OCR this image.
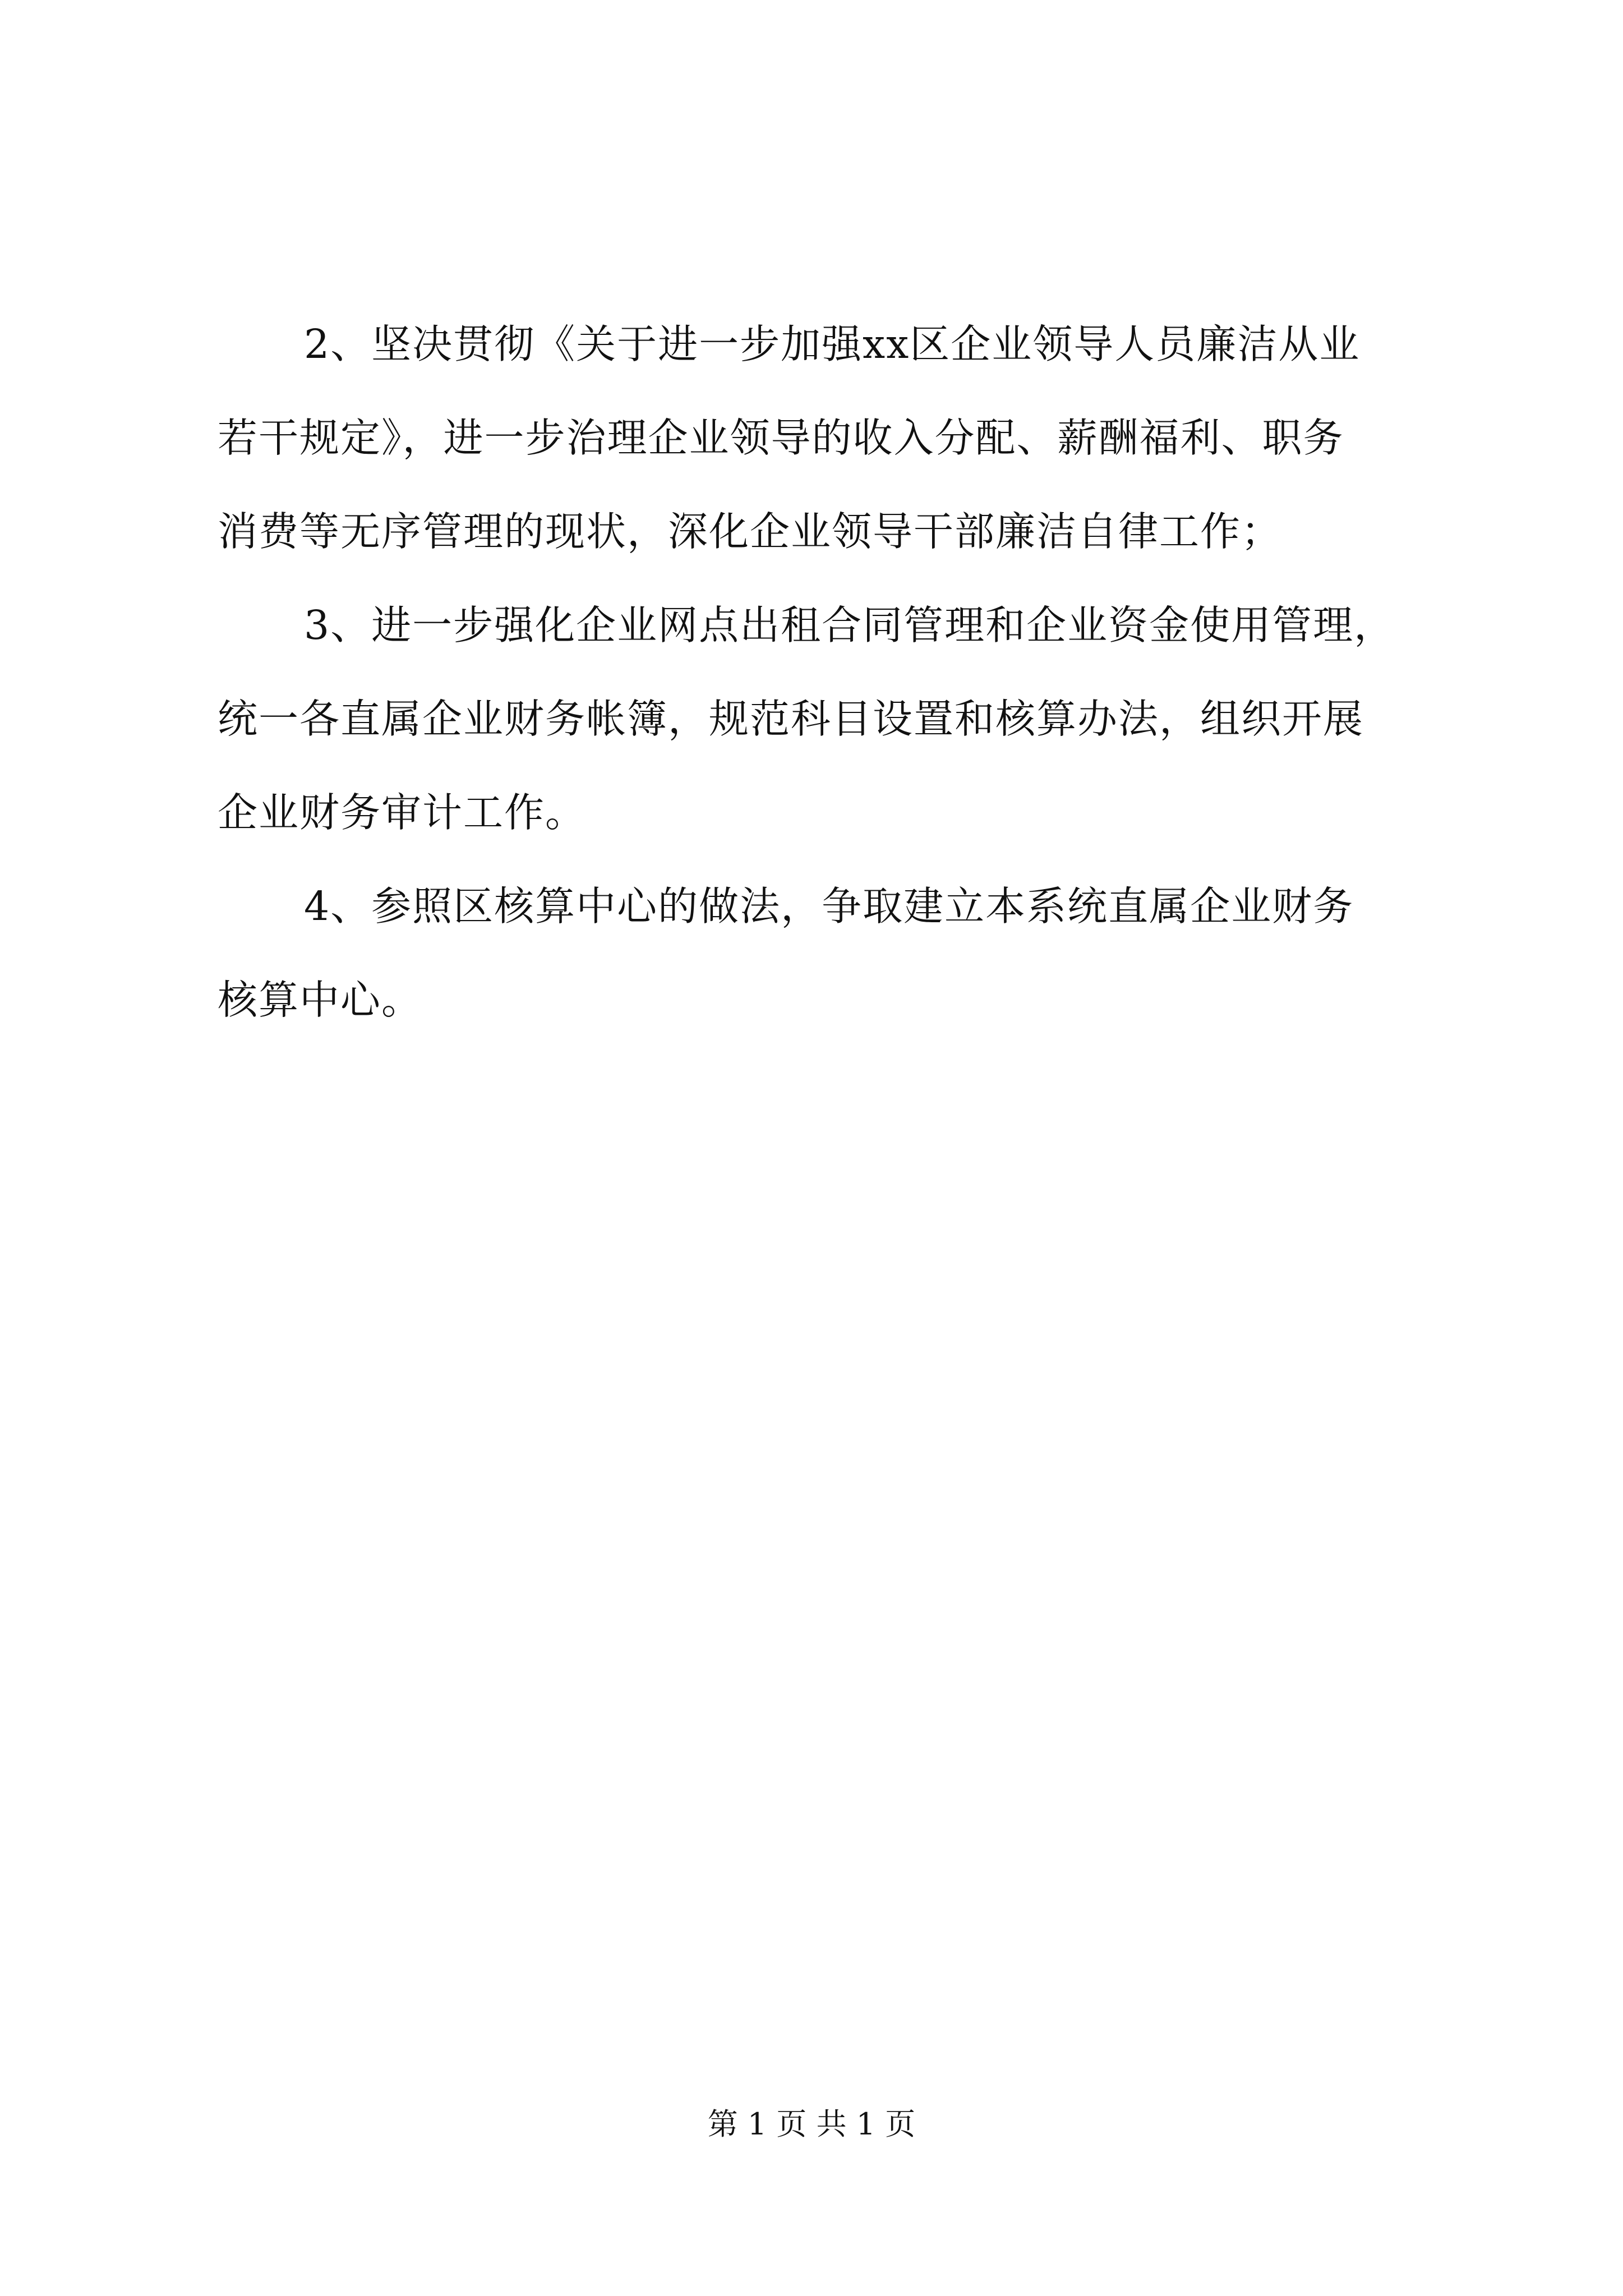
2、坚决贯彻《关于进一步加强xx区企业领导人员廉洁从业
若干规定》，进一步治理企业领导的收入分配、薪酬福利、职务
消费等无序管理的现状，深化企业领导干部廉洁自律工作；
3、进一步强化企业网点出租合同管理和企业资金使用管理，
统一各直属企业财务帐簿，规范科目设置和核算办法，组织开展
企业财务审计工作。
4、参照区核算中心的做法，争取建立本系统直属企业财务
核算中心。
第 1 页 共 1 页
